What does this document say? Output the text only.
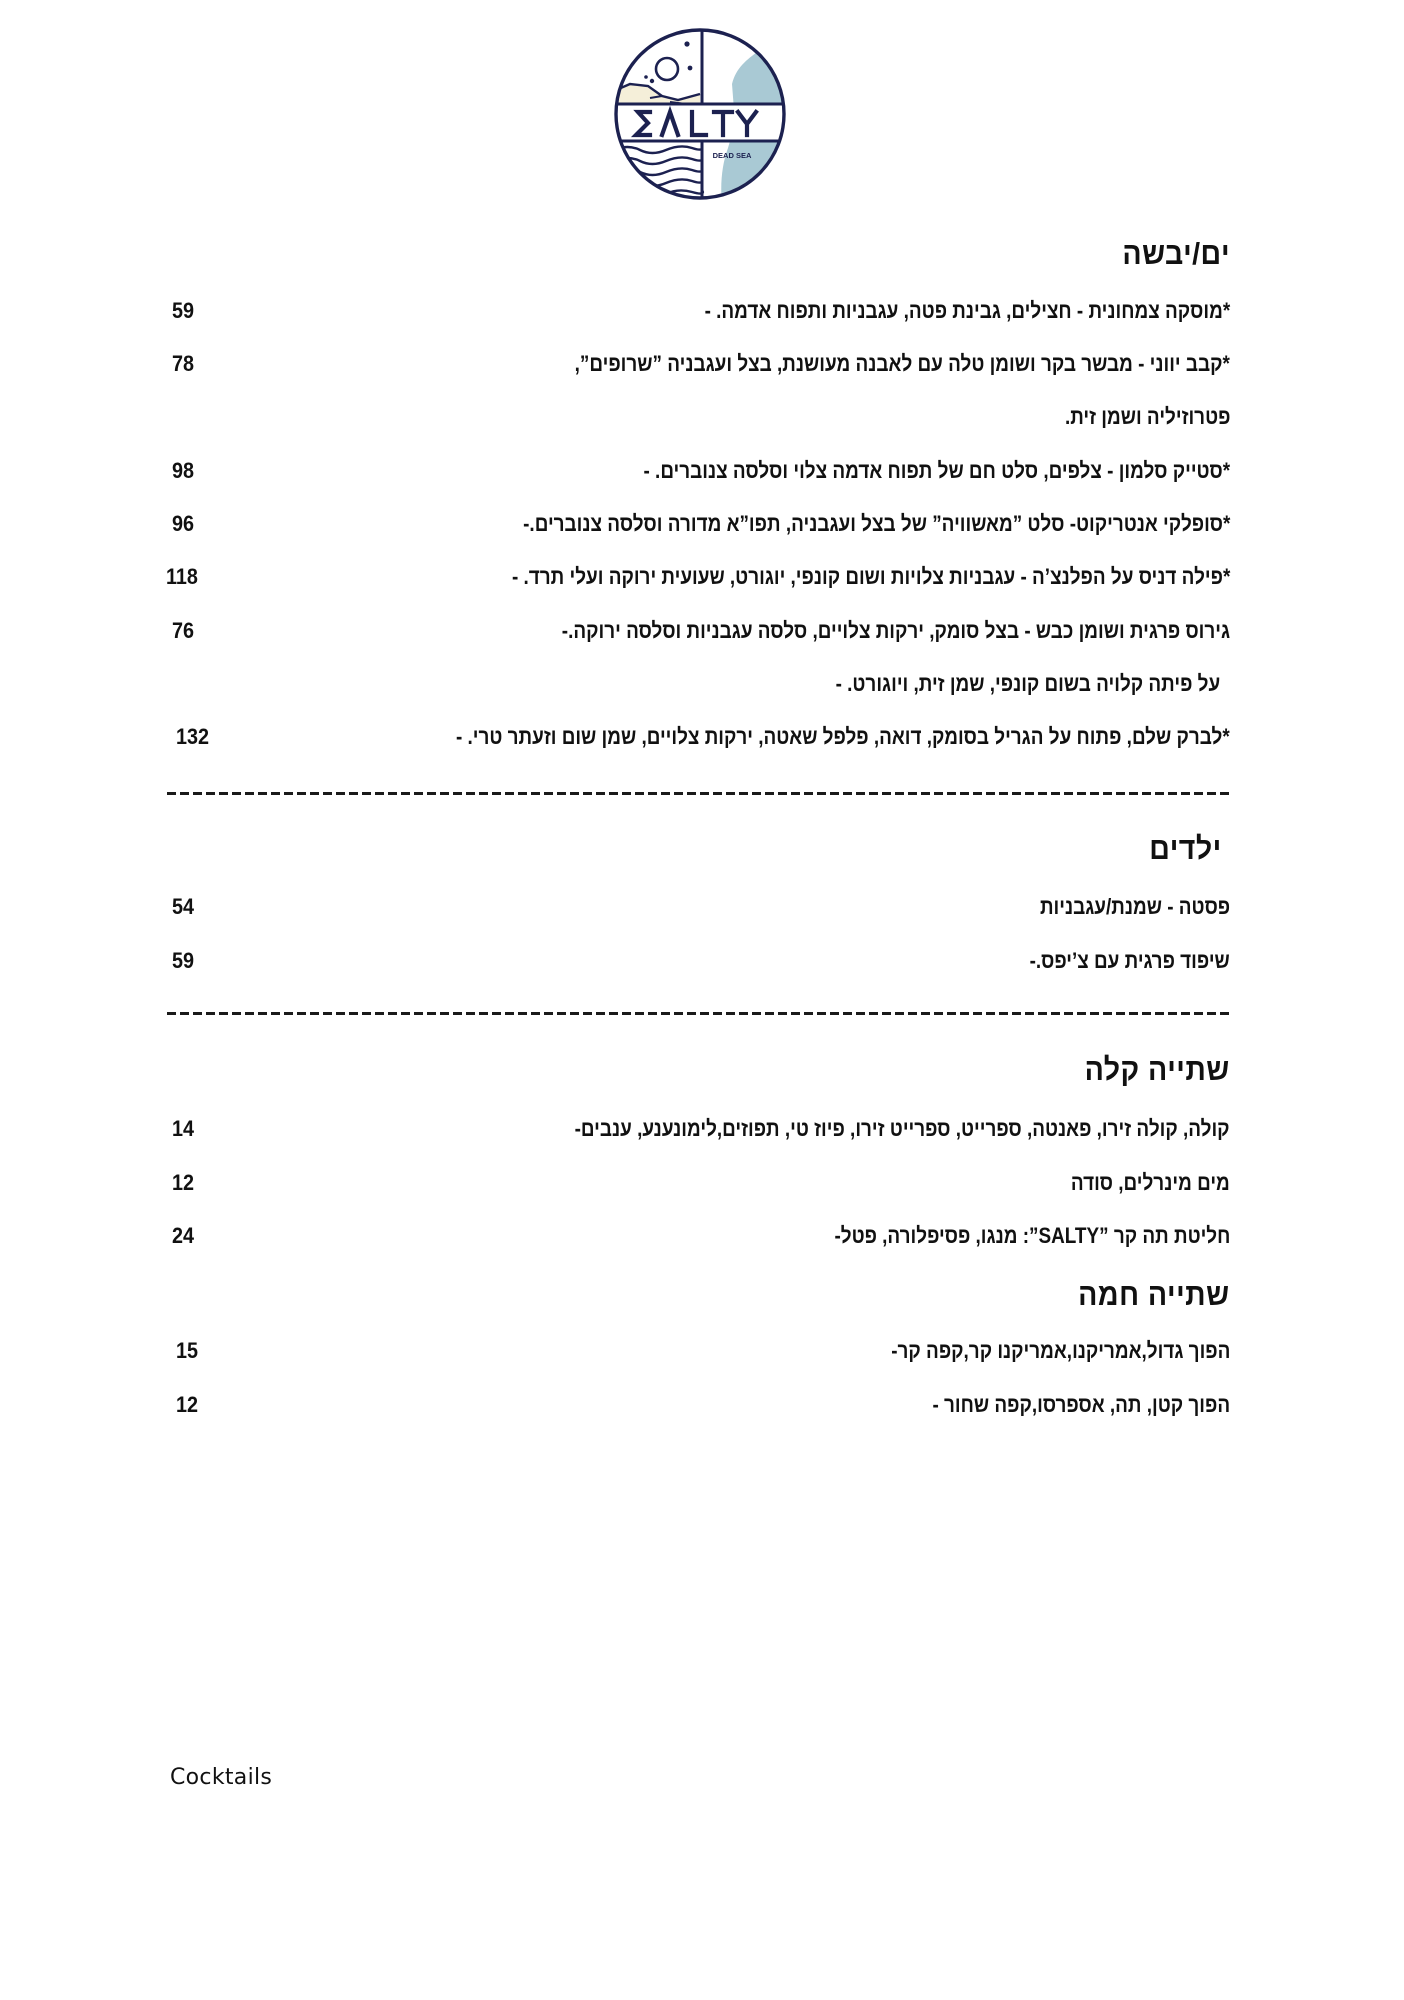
DEAD SEA
ים/יבשה
*מוסקה צמחונית - חצילים, גבינת פטה, עגבניות ותפוח אדמה. -
59
*קבב יווני - מבשר בקר ושומן טלה עם לאבנה מעושנת, בצל ועגבניה ”שרופים”,
78
פטרוזיליה ושמן זית.
*סטייק סלמון - צלפים, סלט חם של תפוח אדמה צלוי וסלסה צנוברים. -
98
*סופלקי אנטריקוט- סלט ”מאשוויה” של בצל ועגבניה, תפו”א מדורה וסלסה צנוברים.-
96
*פילה דניס על הפלנצ’ה - עגבניות צלויות ושום קונפי, יוגורט, שעועית ירוקה ועלי תרד. -
118
גירוס פרגית ושומן כבש - בצל סומק, ירקות צלויים, סלסה עגבניות וסלסה ירוקה.-
76
על פיתה קלויה בשום קונפי, שמן זית, ויוגורט. -
*לברק שלם, פתוח על הגריל בסומק, דואה, פלפל שאטה, ירקות צלויים, שמן שום וזעתר טרי. -
132
ילדים
פסטה - שמנת/עגבניות
54
שיפוד פרגית עם צ’יפס.-
59
שתייה קלה
קולה, קולה זירו, פאנטה, ספרייט, ספרייט זירו, פיוז טי, תפוזים,לימונענע, ענבים-
14
מים מינרלים, סודה
12
חליטת תה קר ”SALTY”: מנגו, פסיפלורה, פטל-
24
שתייה חמה
הפוך גדול,אמריקנו,אמריקנו קר,קפה קר-
15
הפוך קטן, תה, אספרסו,קפה שחור -
12
Cocktails
